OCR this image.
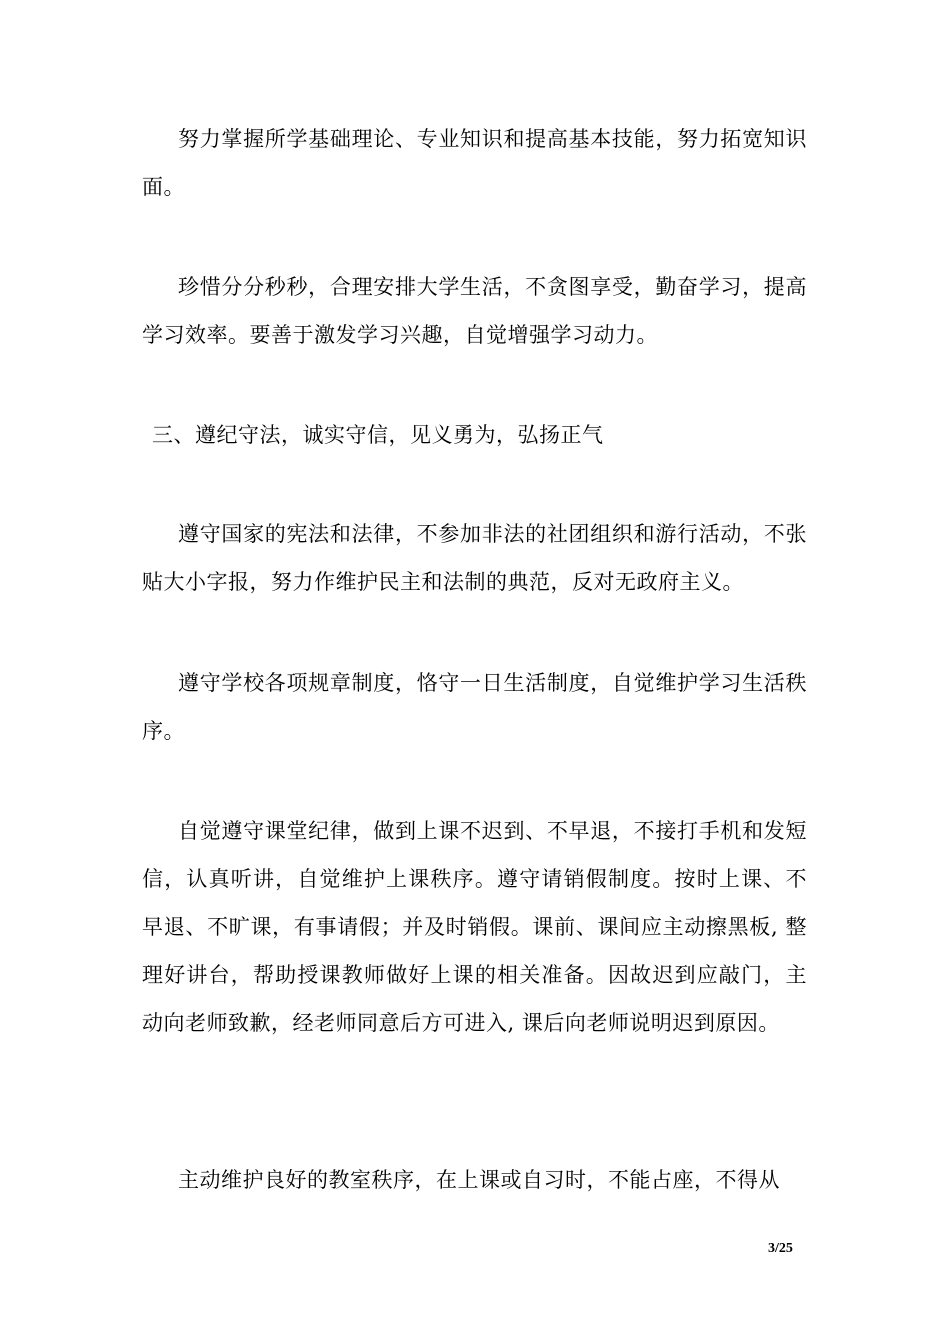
努力掌握所学基础理论、专业知识和提高基本技能，努力拓宽知识面。

珍惜分分秒秒，合理安排大学生活，不贪图享受，勤奋学习，提高学习效率。要善于激发学习兴趣，自觉增强学习动力。

三、遵纪守法，诚实守信，见义勇为，弘扬正气

遵守国家的宪法和法律，不参加非法的社团组织和游行活动，不张贴大小字报，努力作维护民主和法制的典范，反对无政府主义。

遵守学校各项规章制度，恪守一日生活制度，自觉维护学习生活秩序。

自觉遵守课堂纪律，做到上课不迟到、不早退，不接打手机和发短信，认真听讲，自觉维护上课秩序。遵守请销假制度。按时上课、不早退、不旷课，有事请假；并及时销假。课前、课间应主动擦黑板, 整理好讲台，帮助授课教师做好上课的相关准备。因故迟到应敲门，主动向老师致歉，经老师同意后方可进入, 课后向老师说明迟到原因。

主动维护良好的教室秩序，在上课或自习时，不能占座，不得从

3/25
